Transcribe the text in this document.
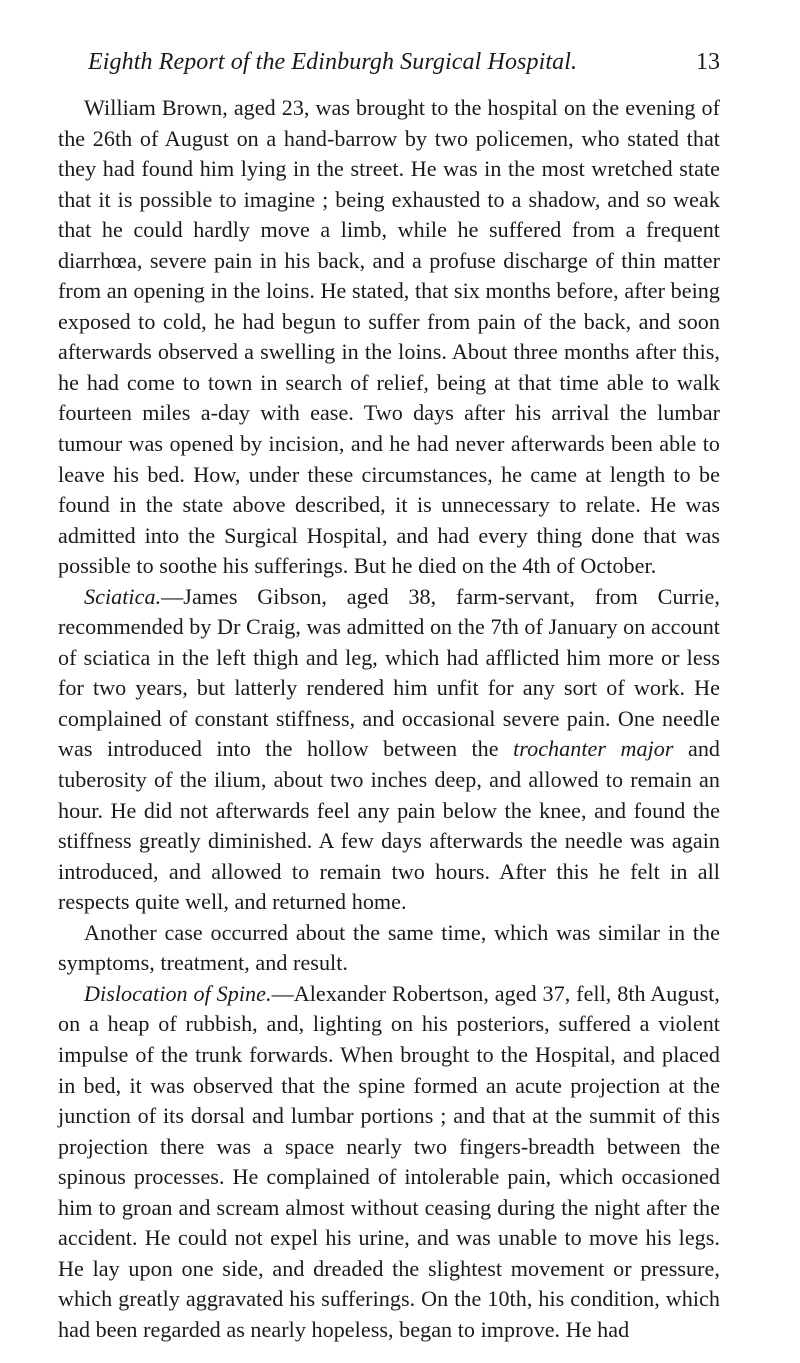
Eighth Report of the Edinburgh Surgical Hospital.	13

William Brown, aged 23, was brought to the hospital on the evening of the 26th of August on a hand-barrow by two policemen, who stated that they had found him lying in the street. He was in the most wretched state that it is possible to imagine ; being exhausted to a shadow, and so weak that he could hardly move a limb, while he suffered from a frequent diarrhœa, severe pain in his back, and a profuse discharge of thin matter from an opening in the loins. He stated, that six months before, after being exposed to cold, he had begun to suffer from pain of the back, and soon afterwards observed a swelling in the loins. About three months after this, he had come to town in search of relief, being at that time able to walk fourteen miles a-day with ease. Two days after his arrival the lumbar tumour was opened by incision, and he had never afterwards been able to leave his bed. How, under these circumstances, he came at length to be found in the state above described, it is unnecessary to relate. He was admitted into the Surgical Hospital, and had every thing done that was possible to soothe his sufferings. But he died on the 4th of October.

Sciatica.—James Gibson, aged 38, farm-servant, from Currie, recommended by Dr Craig, was admitted on the 7th of January on account of sciatica in the left thigh and leg, which had afflicted him more or less for two years, but latterly rendered him unfit for any sort of work. He complained of constant stiffness, and occasional severe pain. One needle was introduced into the hollow between the trochanter major and tuberosity of the ilium, about two inches deep, and allowed to remain an hour. He did not afterwards feel any pain below the knee, and found the stiffness greatly diminished. A few days afterwards the needle was again introduced, and allowed to remain two hours. After this he felt in all respects quite well, and returned home.

Another case occurred about the same time, which was similar in the symptoms, treatment, and result.

Dislocation of Spine.—Alexander Robertson, aged 37, fell, 8th August, on a heap of rubbish, and, lighting on his posteriors, suffered a violent impulse of the trunk forwards. When brought to the Hospital, and placed in bed, it was observed that the spine formed an acute projection at the junction of its dorsal and lumbar portions ; and that at the summit of this projection there was a space nearly two fingers-breadth between the spinous processes. He complained of intolerable pain, which occasioned him to groan and scream almost without ceasing during the night after the accident. He could not expel his urine, and was unable to move his legs. He lay upon one side, and dreaded the slightest movement or pressure, which greatly aggravated his sufferings. On the 10th, his condition, which had been regarded as nearly hopeless, began to improve. He had
